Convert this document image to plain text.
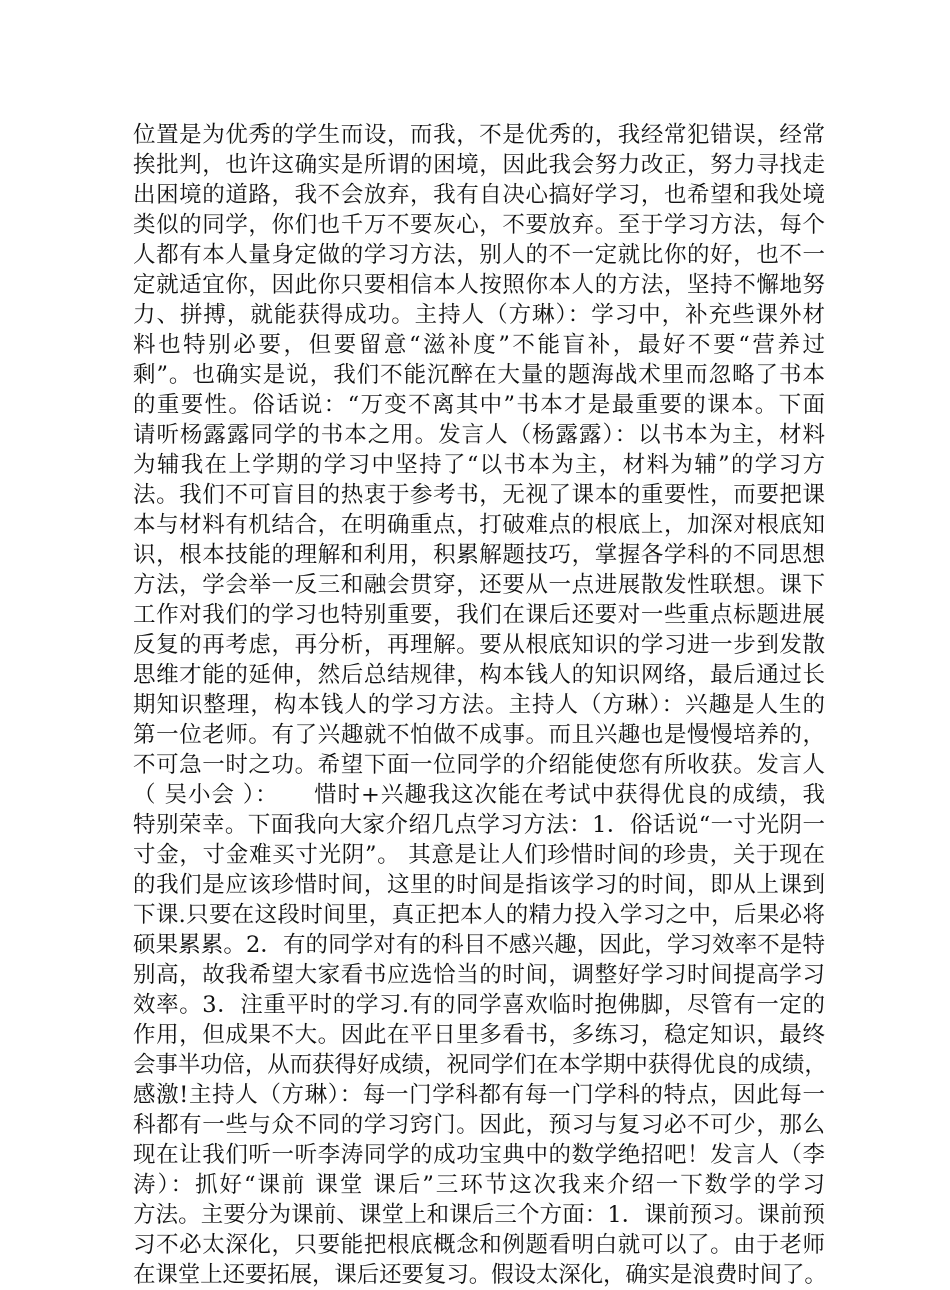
位置是为优秀的学生而设，而我，不是优秀的，我经常犯错误，经常
挨批判，也许这确实是所谓的困境，因此我会努力改正，努力寻找走
出困境的道路，我不会放弃，我有自决心搞好学习，也希望和我处境
类似的同学，你们也千万不要灰心，不要放弃。至于学习方法，每个
人都有本人量身定做的学习方法，别人的不一定就比你的好，也不一
定就适宜你，因此你只要相信本人按照你本人的方法，坚持不懈地努
力、拼搏，就能获得成功。主持人（方琳）：学习中，补充些课外材
料也特别必要，但要留意“滋补度”不能盲补，最好不要“营养过
剩”。也确实是说，我们不能沉醉在大量的题海战术里而忽略了书本
的重要性。俗话说：“万变不离其中”书本才是最重要的课本。下面
请听杨露露同学的书本之用。发言人（杨露露）：以书本为主，材料
为辅我在上学期的学习中坚持了“以书本为主，材料为辅”的学习方
法。我们不可盲目的热衷于参考书，无视了课本的重要性，而要把课
本与材料有机结合，在明确重点，打破难点的根底上，加深对根底知
识，根本技能的理解和利用，积累解题技巧，掌握各学科的不同思想
方法，学会举一反三和融会贯穿，还要从一点进展散发性联想。课下
工作对我们的学习也特别重要，我们在课后还要对一些重点标题进展
反复的再考虑，再分析，再理解。要从根底知识的学习进一步到发散
思维才能的延伸，然后总结规律，构本钱人的知识网络，最后通过长
期知识整理，构本钱人的学习方法。主持人（方琳）：兴趣是人生的
第一位老师。有了兴趣就不怕做不成事。而且兴趣也是慢慢培养的，
不可急一时之功。希望下面一位同学的介绍能使您有所收获。发言人
（ 吴小会 ）：　　惜时+兴趣我这次能在考试中获得优良的成绩，我
特别荣幸。下面我向大家介绍几点学习方法：1．俗话说“一寸光阴一
寸金，寸金难买寸光阴”。 其意是让人们珍惜时间的珍贵，关于现在
的我们是应该珍惜时间，这里的时间是指该学习的时间，即从上课到
下课.只要在这段时间里，真正把本人的精力投入学习之中，后果必将
硕果累累。2．有的同学对有的科目不感兴趣，因此，学习效率不是特
别高，故我希望大家看书应选恰当的时间，调整好学习时间提高学习
效率。3．注重平时的学习.有的同学喜欢临时抱佛脚，尽管有一定的
作用，但成果不大。因此在平日里多看书，多练习，稳定知识，最终
会事半功倍，从而获得好成绩，祝同学们在本学期中获得优良的成绩，
感激!主持人（方琳）：每一门学科都有每一门学科的特点，因此每一
科都有一些与众不同的学习窍门。因此，预习与复习必不可少，那么
现在让我们听一听李涛同学的成功宝典中的数学绝招吧！发言人（李
涛）：抓好“课前 课堂 课后”三环节这次我来介绍一下数学的学习
方法。主要分为课前、课堂上和课后三个方面：1．课前预习。课前预
习不必太深化，只要能把根底概念和例题看明白就可以了。由于老师
在课堂上还要拓展，课后还要复习。假设太深化，确实是浪费时间了。
